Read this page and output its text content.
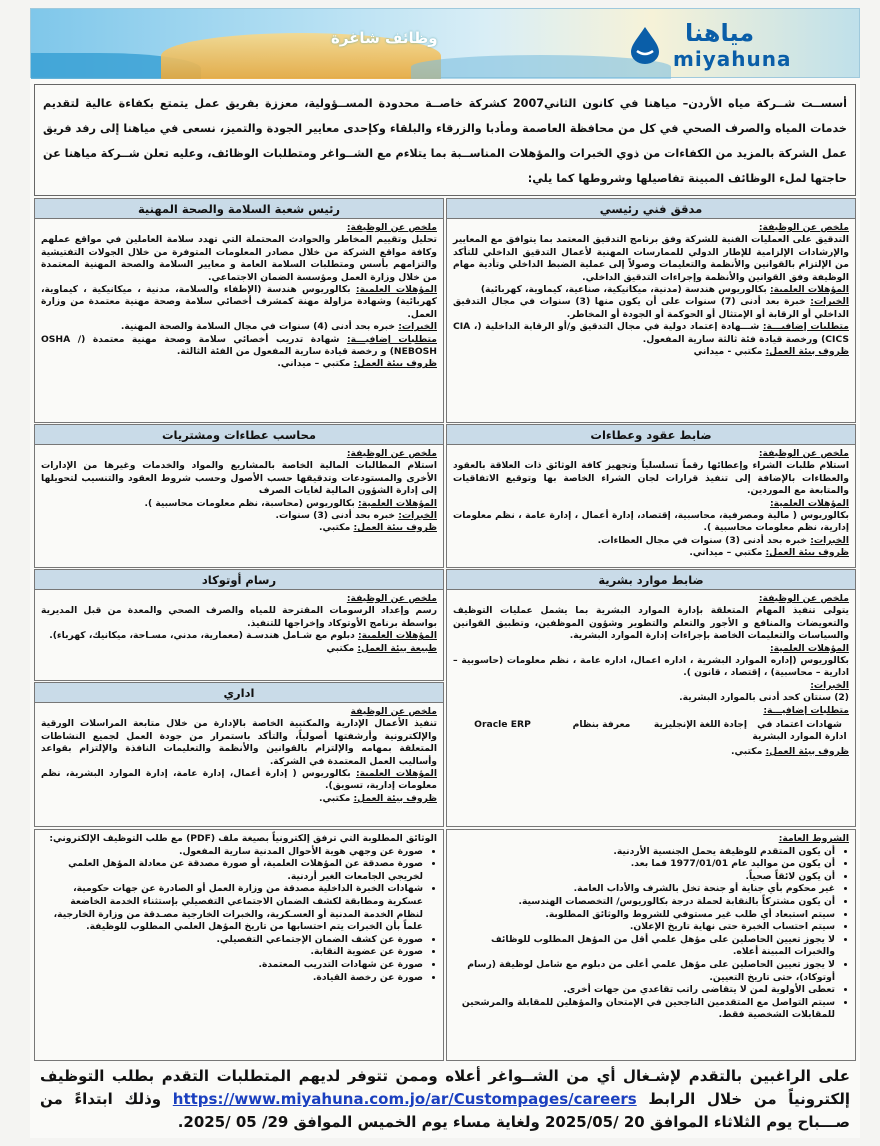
وظائف شاغرة	مياهنا
miyahuna
أسســت شــركة مياه الأردن– مياهنا في كانون الثاني2007 كشركة خاصــة محدودة المســؤولية، معززة بفريق عمل يتمتع بكفاءة عالية لتقديم خدمات المياه والصرف الصحي في كل من محافظة العاصمة ومأدبا والزرقاء والبلقاء وكإحدى معايير الجودة والتميز، نسعى في مياهنا إلى رفد فريق عمل الشركة بالمزيد من الكفاءات من ذوي الخبرات والمؤهلات المناســبة بما يتلاءم مع الشــواغر ومتطلبات الوظائف، وعليه تعلن شــركة مياهنا عن حاجتها لملء الوظائف المبينة تفاصيلها وشروطها كما يلي:
مدقق فني رئيسي
ملخص عن الوظيفة:
التدقيق على العمليات الفنية للشركة وفق برنامج التدقيق المعتمد بما يتوافق مع المعايير والإرشادات الإلزامية للإطار الدولي للممارسات المهنية لأعمال التدقيق الداخلي للتأكد من الإلتزام بالقوانين والأنظمة والتعليمات وصولاً إلى عملية الضبط الداخلي وتأدية مهام الوظيفة وفق القوانين والأنظمة وإجراءات التدقيق الداخلي.
المؤهلات العلمية: بكالوريوس هندسة (مدنية، ميكانيكية، صناعية، كيماوية، كهربائية)
الخبرات: خبرة بعد أدنى (7) سنوات على أن يكون منها (3) سنوات في مجال التدقيق الداخلي أو الرقابة أو الإمتثال أو الحوكمة أو الجودة أو المخاطر.
متطلبات إضافيـــة: شـــهادة إعتماد دولية في مجال التدقيق و/أو الرقابة الداخلية (CIA ، CICS) ورخصة قيادة فئة ثالثة سارية المفعول.
ظروف بيئة العمل: مكتبي - ميداني
رئيس شعبة السلامة والصحة المهنية
ملخص عن الوظيفة:
تحليل وتقييم المخاطر والحوادث المحتملة التي تهدد سلامة العاملين في مواقع عملهم وكافة مواقع الشركة من خلال مصادر المعلومات المتوفرة من خلال الجولات التفتيشية والتزامهم بأسس ومتطلبات السلامة العامة و معايير السلامة والصحة المهنية المعتمدة من خلال وزارة العمل ومؤسسة الضمان الاجتماعي.
المؤهلات العلمية: بكالوريوس هندسة (الإطفاء والسلامة، مدنية ، ميكانيكية ، كيماوية، كهربائية) وشهادة مزاولة مهنة كمشرف أخصائي سلامة وصحة مهنية معتمدة من وزارة العمل.
الخبرات: خبره بحد أدنى (4) سنوات في مجال السلامة والصحة المهنية.
متطلبات إضافيـــة: شهادة تدريب أخصائي سلامة وصحة مهنية معتمدة (OSHA / NEBOSH) و رخصة قيادة سارية المفعول من الفئة الثالثة.
ظروف بيئة العمل: مكتبي – ميداني.
ضابط عقود وعطاءات
ملخص عن الوظيفة:
استلام طلبات الشراء وإعطائها رقماً تسلسلياً وتجهيز كافة الوثائق ذات العلاقة بالعقود والعطاءات بالإضافة إلى تنفيذ قرارات لجان الشراء الخاصة بها وتوقيع الاتفاقيات والمتابعة مع الموردين.
المؤهلات العلمية:
بكالوريوس ( مالية ومصرفية، محاسبية، إقتصاد، إدارة أعمال ، إدارة عامة ، نظم معلومات إدارية، نظم معلومات محاسبية ).
الخبرات: خبره بحد أدنى (3) سنوات في مجال العطاءات.
ظروف بيئة العمل: مكتبي – ميداني.
محاسب عطاءات ومشتريات
ملخص عن الوظيفة:
استلام المطالبات المالية الخاصة بالمشاريع والمواد والخدمات وغيرها من الإدارات الأخرى والمستودعات وتدقيقها حسب الأصول وحسب شروط العقود والتنسيب لتحويلها إلى إدارة الشؤون المالية لغايات الصرف
المؤهلات العلمية: بكالوريوس (محاسبة، نظم معلومات محاسبية ).
الخبرات: خبره بحد أدنى (3) سنوات.
ظروف بيئة العمل: مكتبي.
ضابط موارد بشرية
ملخص عن الوظيفة:
يتولى تنفيذ المهام المتعلقة بإدارة الموارد البشرية بما يشمل عمليات التوظيف والتعويضات والمنافع و الأجور والتعلم والتطوير وشؤون الموظفين، وتطبيق القوانين والسياسات والتعليمات الخاصة بإجراءات إدارة الموارد البشرية.
المؤهلات العلمية:
بكالوريوس (إداره الموارد البشرية ، اداره اعمال، اداره عامة ، نظم معلومات (حاسوبية – ادارية – محاسبية) ، إقتصاد ، قانون ).
الخبرات:
(2) سنتان كحد أدنى بالموارد البشرية.
متطلبات إضافيـــة:
شهادات اعتماد في ادارة الموارد البشرية
إجادة اللغة الإنجليزية
معرفة بنظام
Oracle ERP
ظروف بيئة العمل: مكتبي.
رسام أوتوكاد
ملخص عن الوظيفة:
رسم وإعداد الرسومات المقترحة للمياه والصرف الصحي والمعدة من قبل المديرية بواسطة برنامج الأوتوكاد وإخراجها للتنفيذ.
المؤهلات العلمية: دبلوم مع شـامل هندسـة (معمارية، مدني، مسـاحة، ميكانيك، كهرباء).
طبيعة بيئة العمل: مكتبي
اداري
ملخص عن الوظيفة
تنفيذ الأعمال الإدارية والمكتبية الخاصة بالإدارة من خلال متابعة المراسلات الورقية والإلكترونية وأرشفتها أصولياً، والتأكد باستمرار من جودة العمل لجميع النشاطات المتعلقة بمهامه والإلتزام بالقوانين والأنظمة والتعليمات النافذة والإلتزام بقواعد وأساليب العمل المعتمدة في الشركة.
المؤهلات العلمية: بكالوريوس ( إدارة أعمال، إدارة عامة، إدارة الموارد البشرية، نظم معلومات إدارية، تسويق).
ظروف بيئة العمل: مكتبي.
الشروط العامة:
• أن يكون المتقدم للوظيفة يحمل الجنسية الأردنية.
• أن يكون من مواليد عام 1977/01/01 فما بعد.
• أن يكون لائقاً صحياً.
• غير محكوم بأي جناية أو جنحة تخل بالشرف والأداب العامة.
• أن يكون مشتركاً بالنقابة لحملة درجة بكالوريوس/ التخصصات الهندسية.
• سيتم استبعاد أي طلب غير مستوفي للشروط والوثائق المطلوبة.
• سيتم احتساب الخبرة حتى نهاية تاريخ الإعلان.
• لا يجوز تعيين الحاصلين على مؤهل علمي أقل من المؤهل المطلوب للوظائف والخبرات المبينة أعلاه.
• لا يجوز تعيين الحاصلين على مؤهل علمي أعلى من دبلوم مع شامل لوظيفة (رسام أوتوكاد)، حتى تاريخ التعيين.
• تعطى الأولوية لمن لا يتقاضى راتب تقاعدي من جهات أخرى.
• سيتم التواصل مع المتقدمين الناجحين في الإمتحان والمؤهلين للمقابلة والمرشحين للمقابلات الشخصية فقط.
الوثائق المطلوبة التي ترفق إلكترونياً بصيغة ملف (PDF) مع طلب التوظيف الإلكتروني:
• صورة عن وجهي هوية الأحوال المدنية سارية المفعول.
• صورة مصدقة عن المؤهلات العلمية، أو صورة مصدقة عن معادلة المؤهل العلمي لخريجي الجامعات الغير أردنية.
• شهادات الخبرة الداخلية مصدقة من وزارة العمل أو الصادرة عن جهات حكومية، عسكرية ومطابقة لكشف الضمان الاجتماعي التفصيلي بإستثناء الخدمة الخاضعة لنظام الخدمة المدنية أو العسـكرية، والخبرات الخارجية مصـدقة من وزارة الخارجية، علماً بأن الخبرات يتم احتسابها من تاريخ المؤهل العلمي المطلوب للوظيفة.
• صورة عن كشف الضمان الإجتماعي التفصيلي.
• صورة عن عضوية النقابة.
• صورة عن شهادات التدريب المعتمدة.
• صورة عن رخصة القيادة.
على الراغبين بالتقدم لإشـغال أي من الشــواغر أعلاه وممن تتوفر لديهم المتطلبات التقدم بطلب التوظيف إلكترونياً من خلال الرابط https://www.miyahuna.com.jo/ar/Custompages/careers وذلك ابتداءً من صـــباح يوم الثلاثاء الموافق 20 /2025/05 ولغاية مساء يوم الخميس الموافق 29/ 05 /2025.
